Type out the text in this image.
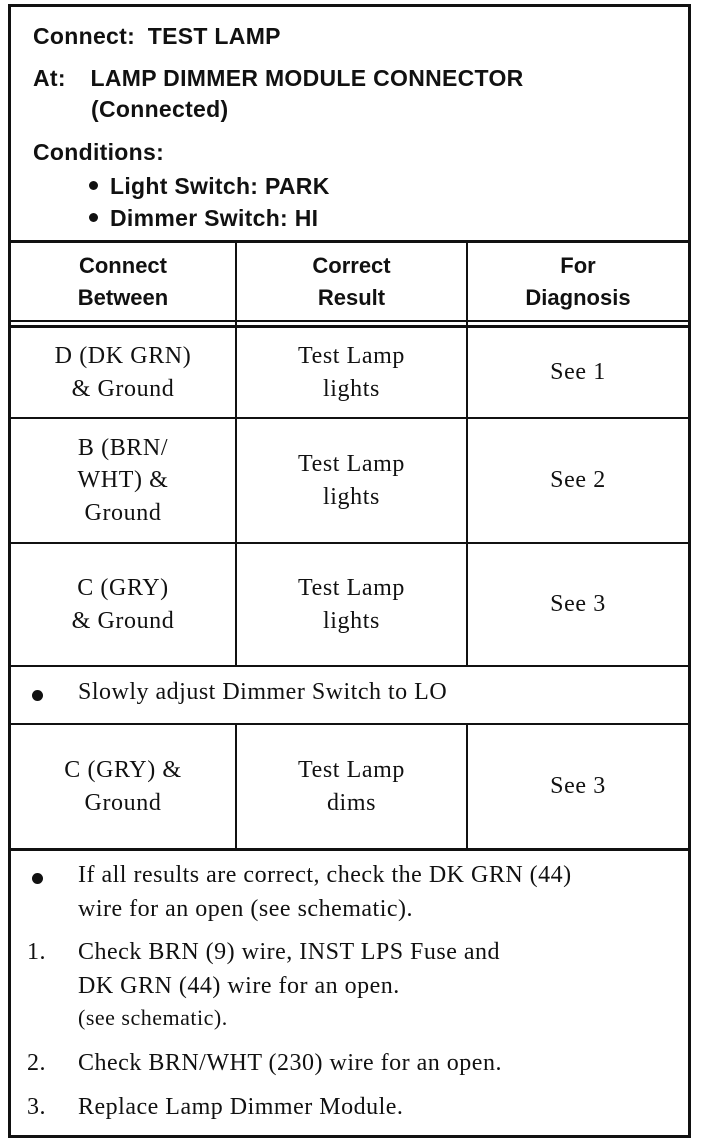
Connect: TEST LAMP
At: LAMP DIMMER MODULE CONNECTOR
(Connected)
Conditions:
Light Switch: PARK
Dimmer Switch: HI
Connect
Between
Correct
Result
For
Diagnosis
D (DK GRN)
& Ground
Test Lamp
lights
See 1
B (BRN/
WHT) &
Ground
Test Lamp
lights
See 2
C (GRY)
& Ground
Test Lamp
lights
See 3
Slowly adjust Dimmer Switch to LO
C (GRY) &
Ground
Test Lamp
dims
See 3
If all results are correct, check the DK GRN (44)
wire for an open (see schematic).
1. Check BRN (9) wire, INST LPS Fuse and
DK GRN (44) wire for an open.
(see schematic).
2. Check BRN/WHT (230) wire for an open.
3. Replace Lamp Dimmer Module.
